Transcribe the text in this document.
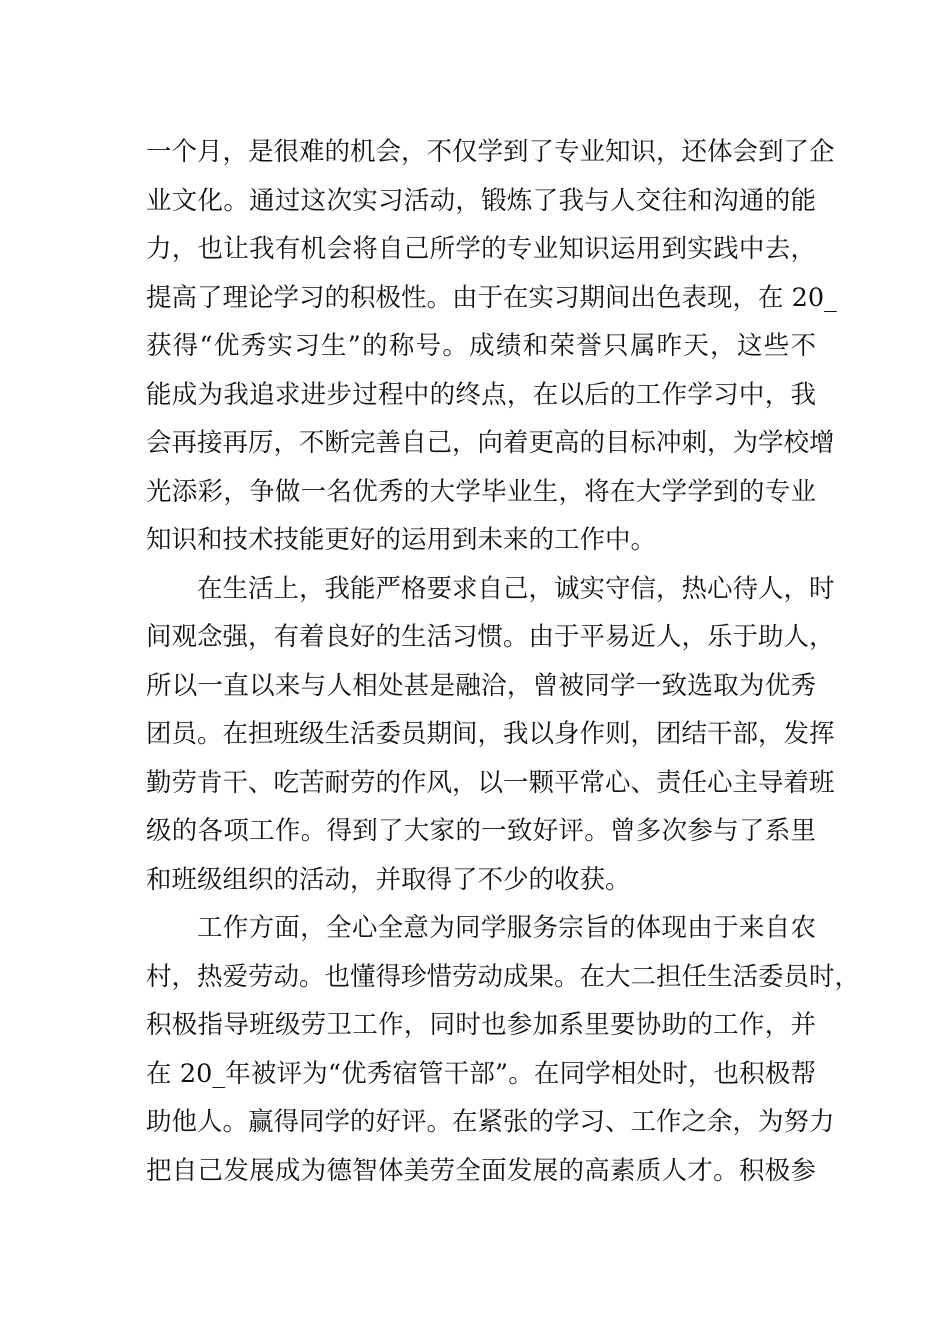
一个月，是很难的机会，不仅学到了专业知识，还体会到了企
业文化。通过这次实习活动，锻炼了我与人交往和沟通的能
力，也让我有机会将自己所学的专业知识运用到实践中去，
提高了理论学习的积极性。由于在实习期间出色表现，在 20_
获得“优秀实习生”的称号。成绩和荣誉只属昨天，这些不
能成为我追求进步过程中的终点，在以后的工作学习中，我
会再接再厉，不断完善自己，向着更高的目标冲刺，为学校增
光添彩，争做一名优秀的大学毕业生，将在大学学到的专业
知识和技术技能更好的运用到未来的工作中。
在生活上，我能严格要求自己，诚实守信，热心待人，时
间观念强，有着良好的生活习惯。由于平易近人，乐于助人，
所以一直以来与人相处甚是融洽，曾被同学一致选取为优秀
团员。在担班级生活委员期间，我以身作则，团结干部，发挥
勤劳肯干、吃苦耐劳的作风，以一颗平常心、责任心主导着班
级的各项工作。得到了大家的一致好评。曾多次参与了系里
和班级组织的活动，并取得了不少的收获。
工作方面，全心全意为同学服务宗旨的体现由于来自农
村，热爱劳动。也懂得珍惜劳动成果。在大二担任生活委员时，
积极指导班级劳卫工作，同时也参加系里要协助的工作，并
在 20_年被评为“优秀宿管干部”。在同学相处时，也积极帮
助他人。赢得同学的好评。在紧张的学习、工作之余，为努力
把自己发展成为德智体美劳全面发展的高素质人才。积极参
